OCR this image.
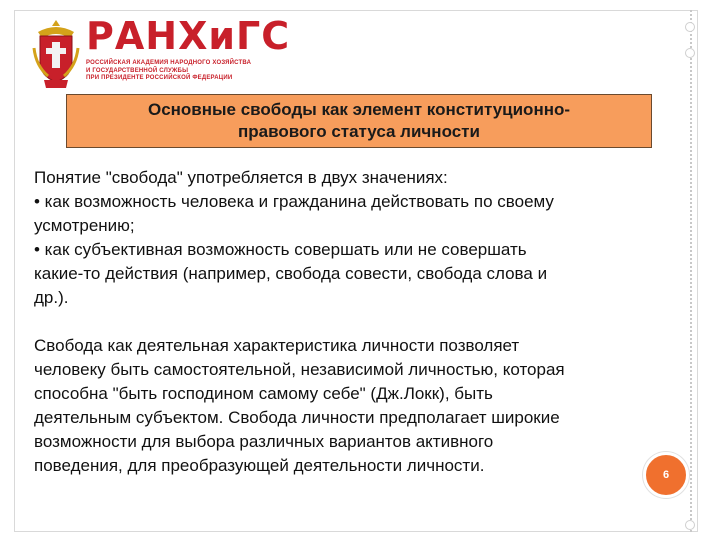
РАНХиГС
РОССИЙСКАЯ АКАДЕМИЯ НАРОДНОГО ХОЗЯЙСТВА
И ГОСУДАРСТВЕННОЙ СЛУЖБЫ
ПРИ ПРЕЗИДЕНТЕ РОССИЙСКОЙ ФЕДЕРАЦИИ
Основные свободы как элемент конституционно-
правового статуса личности

Понятие "свобода" употребляется в двух значениях:

• как возможность человека и гражданина действовать по своему

усмотрению;

• как субъективная возможность совершать или не совершать

какие-то действия (например, свобода совести, свобода слова и

др.).

Свобода как деятельная характеристика личности позволяет

человеку быть самостоятельной, независимой личностью, которая

способна "быть господином самому себе" (Дж.Локк), быть

деятельным субъектом. Свобода личности предполагает широкие

возможности для выбора различных вариантов активного

поведения, для преобразующей деятельности личности.	6
